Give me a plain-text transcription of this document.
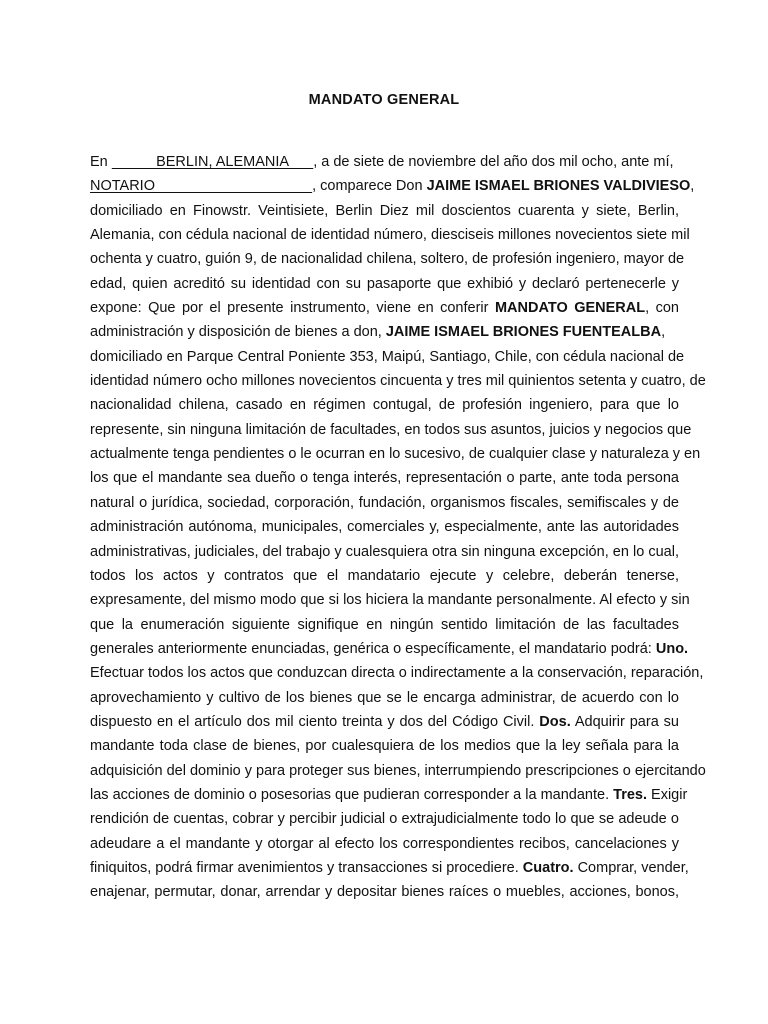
MANDATO GENERAL
En            BERLIN, ALEMANIA      , a de siete de noviembre del año dos mil ocho, ante mí,
NOTARIO                                       , comparece Don JAIME ISMAEL BRIONES VALDIVIESO,
domiciliado en Finowstr. Veintisiete, Berlin Diez mil doscientos cuarenta y siete, Berlin,
Alemania, con cédula nacional de identidad número, diesciseis millones novecientos siete mil
ochenta y cuatro, guión 9, de nacionalidad chilena, soltero, de profesión ingeniero, mayor de
edad, quien acreditó su identidad con su pasaporte que exhibió y declaró pertenecerle y
expone: Que por el presente instrumento, viene en conferir MANDATO GENERAL, con
administración y disposición de bienes a don, JAIME ISMAEL BRIONES FUENTEALBA,
domiciliado en Parque Central Poniente 353, Maipú, Santiago, Chile, con cédula nacional de
identidad número ocho millones novecientos cincuenta y tres mil quinientos setenta y cuatro, de
nacionalidad chilena, casado en régimen contugal, de profesión ingeniero, para que lo
represente, sin ninguna limitación de facultades, en todos sus asuntos, juicios y negocios que
actualmente tenga pendientes o le ocurran en lo sucesivo, de cualquier clase y naturaleza y en
los que el mandante sea dueño o tenga interés, representación o parte, ante toda persona
natural o jurídica, sociedad, corporación, fundación, organismos fiscales, semifiscales y de
administración autónoma, municipales, comerciales y, especialmente, ante las autoridades
administrativas, judiciales, del trabajo y cualesquiera otra sin ninguna excepción, en lo cual,
todos los actos y contratos que el mandatario ejecute y celebre, deberán tenerse,
expresamente, del mismo modo que si los hiciera la mandante personalmente. Al efecto y sin
que la enumeración siguiente signifique en ningún sentido limitación de las facultades
generales anteriormente enunciadas, genérica o específicamente, el mandatario podrá: Uno.
Efectuar todos los actos que conduzcan directa o indirectamente a la conservación, reparación,
aprovechamiento y cultivo de los bienes que se le encarga administrar, de acuerdo con lo
dispuesto en el artículo dos mil ciento treinta y dos del Código Civil. Dos. Adquirir para su
mandante toda clase de bienes, por cualesquiera de los medios que la ley señala para la
adquisición del dominio y para proteger sus bienes, interrumpiendo prescripciones o ejercitando
las acciones de dominio o posesorias que pudieran corresponder a la mandante. Tres. Exigir
rendición de cuentas, cobrar y percibir judicial o extrajudicialmente todo lo que se adeude o
adeudare a el mandante y otorgar al efecto los correspondientes recibos, cancelaciones y
finiquitos, podrá firmar avenimientos y transacciones si procediere. Cuatro. Comprar, vender,
enajenar, permutar, donar, arrendar y depositar bienes raíces o muebles, acciones, bonos,
